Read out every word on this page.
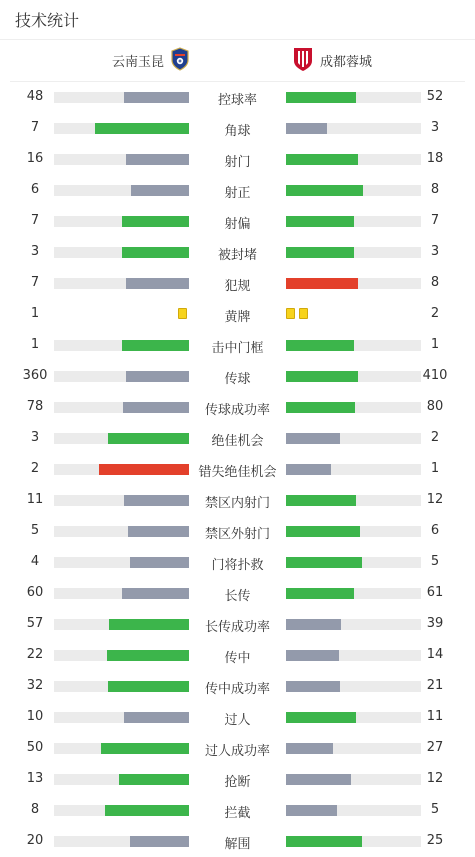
技术统计
云南玉昆	成都蓉城
48	控球率	52
7	角球	3
16	射门	18
6	射正	8
7	射偏	7
3	被封堵	3
7	犯规	8
1	黄牌	2
1	击中门框	1
360	传球	410
78	传球成功率	80
3	绝佳机会	2
2	错失绝佳机会	1
11	禁区内射门	12
5	禁区外射门	6
4	门将扑救	5
60	长传	61
57	长传成功率	39
22	传中	14
32	传中成功率	21
10	过人	11
50	过人成功率	27
13	抢断	12
8	拦截	5
20	解围	25
